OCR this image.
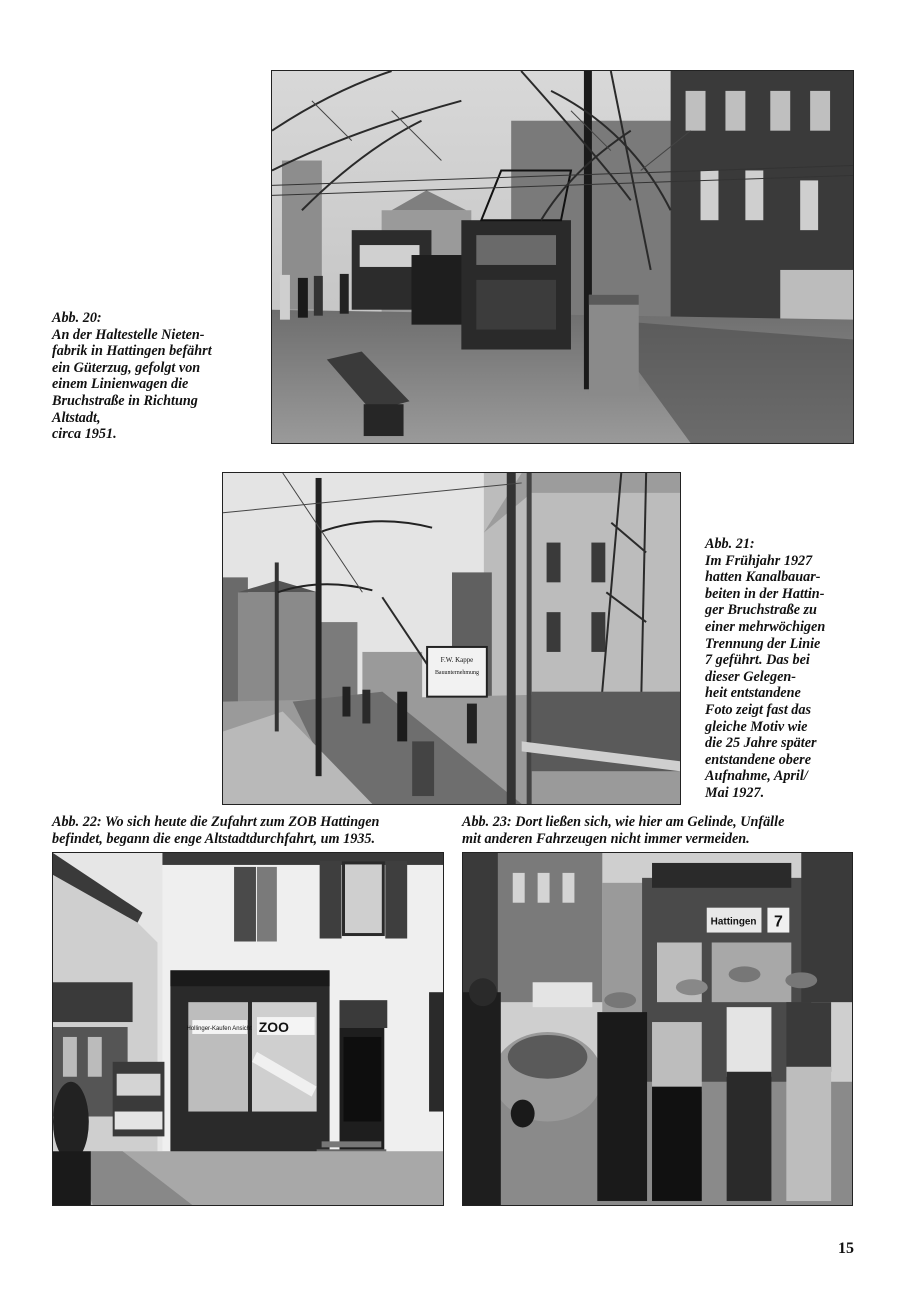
Abb. 20:
An der Haltestelle Nieten-
fabrik in Hattingen befährt
ein Güterzug, gefolgt von
einem Linienwagen die
Bruchstraße in Richtung
Altstadt,
circa 1951.
F.W. Kappe
Bauunternehmung
Abb. 21:
Im Frühjahr 1927
hatten Kanalbauar-
beiten in der Hattin-
ger Bruchstraße zu
einer mehrwöchigen
Trennung der Linie
7 geführt. Das bei
dieser Gelegen-
heit entstandene
Foto zeigt fast das
gleiche Motiv wie
die 25 Jahre später
entstandene obere
Aufnahme, April/
Mai 1927.
Abb. 22: Wo sich heute die Zufahrt zum ZOB Hattingen
befindet, begann die enge Altstadtdurchfahrt, um 1935.
Abb. 23: Dort ließen sich, wie hier am Gelinde, Unfälle
mit anderen Fahrzeugen nicht immer vermeiden.
Hollinger-Kaufen Ansicht ZOO
Hattingen 7
15
